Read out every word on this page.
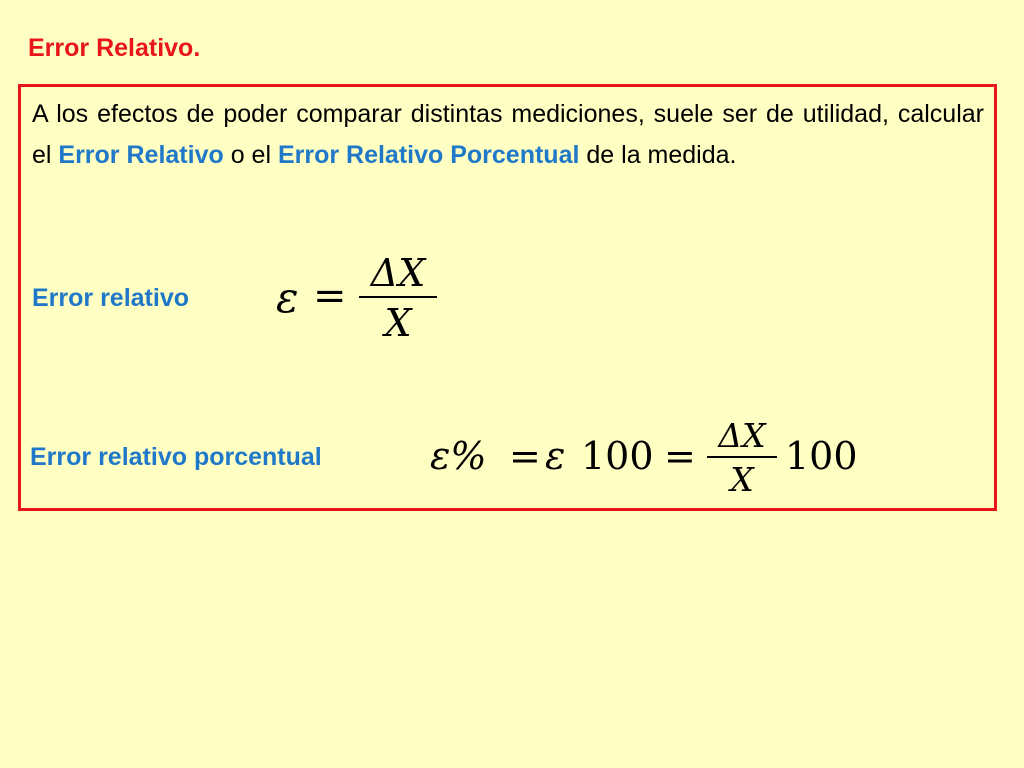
Error Relativo.
A los efectos de poder comparar distintas mediciones, suele ser de utilidad, calcular el Error Relativo o el Error Relativo Porcentual de la medida.
Error relativo ε = ΔX
X
Error relativo porcentual	ε% = ε 100 = ΔX
X
100
